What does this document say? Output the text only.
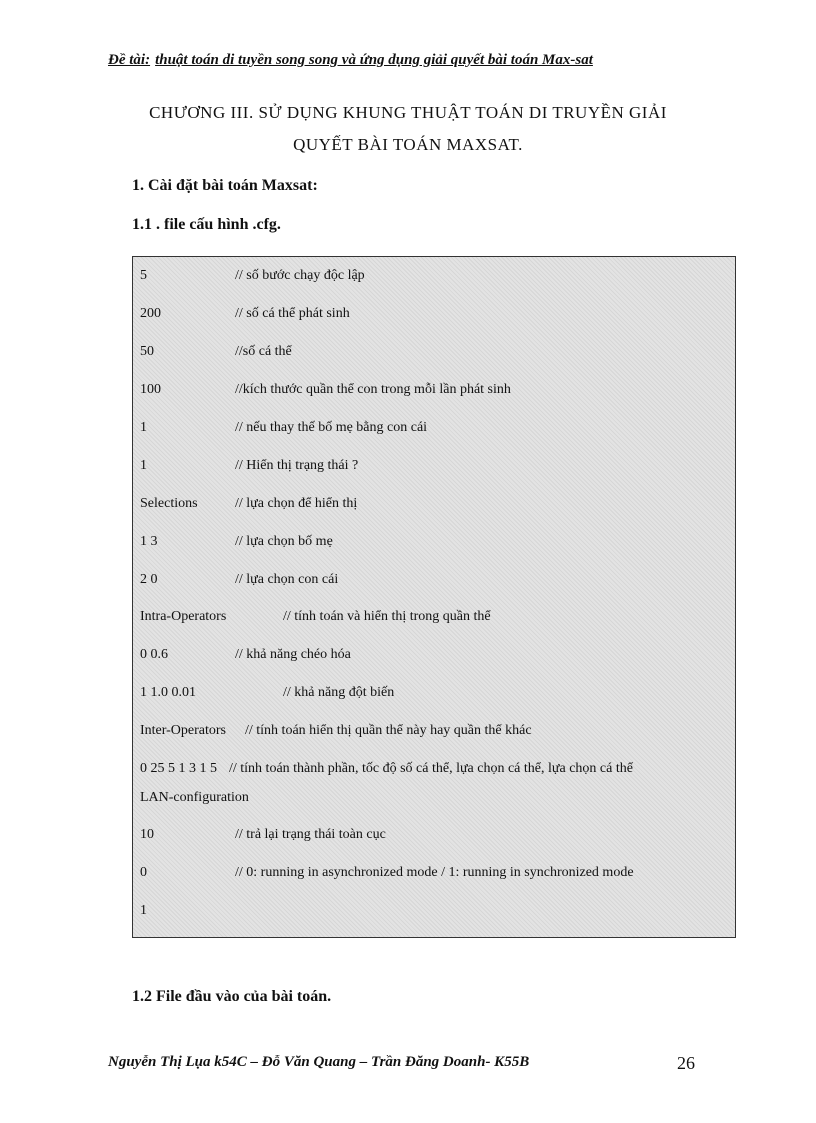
Đề tài: thuật toán di tuyền song song và ứng dụng giải quyết bài toán Max-sat
CHƯƠNG III. SỬ DỤNG KHUNG THUẬT TOÁN DI TRUYỀN GIẢI
QUYẾT BÀI TOÁN MAXSAT.
1. Cài đặt bài toán Maxsat:
1.1 . file cấu hình .cfg.
5	// số bước chạy độc lập
200	// số cá thể phát sinh
50	//số cá thể
100	//kích thước quần thể con trong mỗi lần phát sinh
1	// nếu thay thế bố mẹ bằng con cái
1	// Hiển thị trạng thái ?
Selections	// lựa chọn để hiển thị
1 3	// lựa chọn bố mẹ
2 0	// lựa chọn con cái
Intra-Operators	// tính toán và hiển thị trong quần thể
0 0.6	// khả năng chéo hóa
1 1.0 0.01	// khả năng đột biến
Inter-Operators // tính toán hiển thị quần thể này hay quần thể khác
0 25 5 1 3 1 5 // tính toán thành phần, tốc độ số cá thể, lựa chọn cá thể, lựa chọn cá thể
LAN-configuration
10	// trả lại trạng thái toàn cục
0	// 0: running in asynchronized mode / 1: running in synchronized mode
1
1.2 File đầu vào của bài toán.
Nguyễn Thị Lụa k54C – Đỗ Văn Quang – Trần Đăng Doanh- K55B	26
